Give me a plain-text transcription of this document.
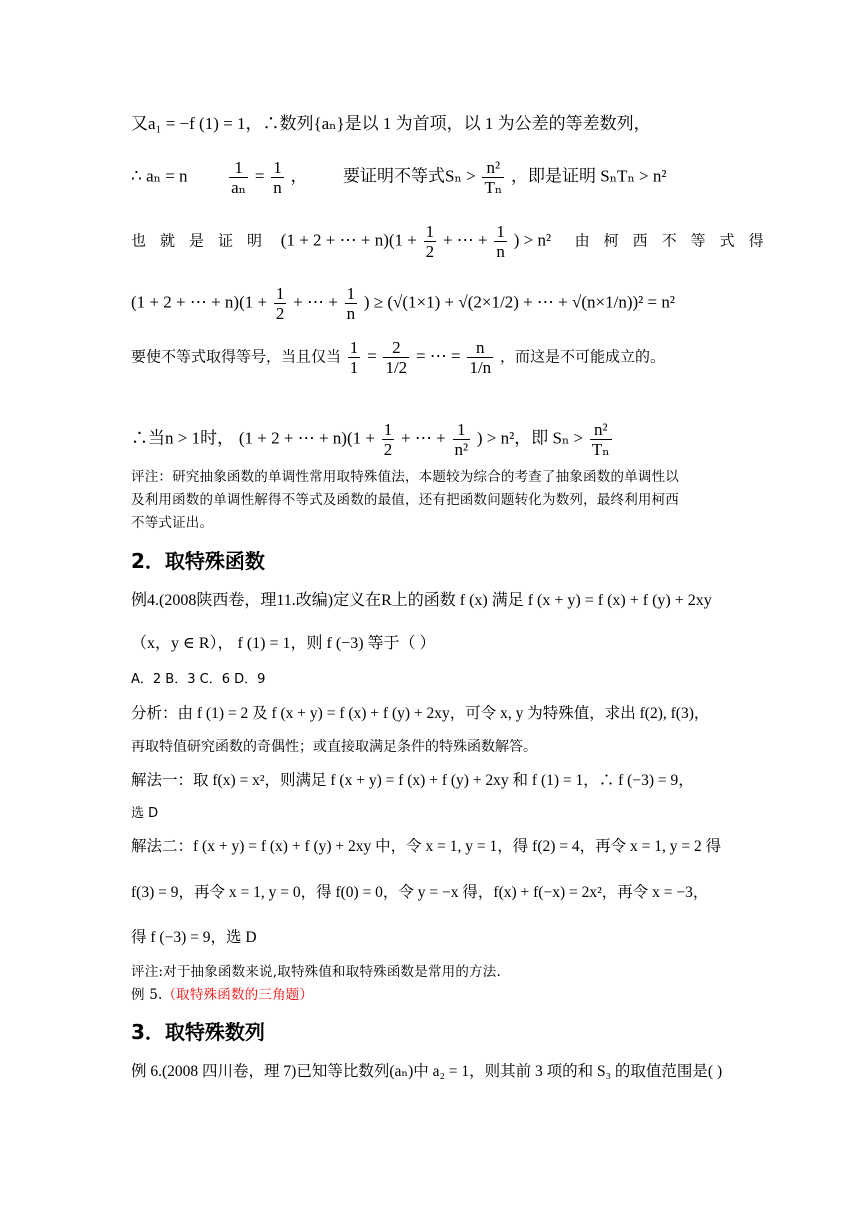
又a₁ = −f (1) = 1，∴数列{aₙ}是以 1 为首项，以 1 为公差的等差数列，
∴ aₙ = n $\frac{1}{\text{aₙ}} = \frac{1}{n}$ ， 要证明不等式$S_n > \frac{\text{n²}}{\text{Tₙ}}$ ，即是证明 SₙTₙ > n²
也就是证明 (1 + 2 + ⋯ + $n)(1 + \frac{1}{2}$ + ⋯ + $\frac{1}{n}$ ) > n² 由柯西不等式得
(1 + 2 + ⋯ + $n)(1 + \frac{1}{2}$ + ⋯ + $\frac{1}{n}$ ) ≥ (√(1×1) + √(2×1/2) + ⋯ + √(n×1/n))² = n²
要使不等式取得等号，当且仅当 $\frac{1}{1} = \frac{2}{1/2}$ = ⋯ = $\frac{n}{1/n}$ ，而这是不可能成立的。
∴当n > 1时， (1 + 2 + ⋯ + $n)(1 + \frac{1}{2}$ + ⋯ + $\frac{1}{\text{n²}}$ ) > n²，即 $S_n > \frac{\text{n²}}{\text{Tₙ}}$
评注：研究抽象函数的单调性常用取特殊值法，本题较为综合的考查了抽象函数的单调性以
及利用函数的单调性解得不等式及函数的最值，还有把函数问题转化为数列，最终利用柯西
不等式证出。
2．取特殊函数
例4.(2008陕西卷，理11.改编)定义在R上的函数 f (x) 满足 f (x + y) = f (x) + f (y) + 2xy
（x，y ∈ R）， f (1) = 1，则 f (−3) 等于（ ）
A．2 B．3 C．6 D．9
分析：由 f (1) = 2 及 f (x + y) = f (x) + f (y) + 2xy，可令 x, y 为特殊值，求出 f(2), f(3)，
再取特值研究函数的奇偶性；或直接取满足条件的特殊函数解答。
解法一：取 f(x) = x²，则满足 f (x + y) = f (x) + f (y) + 2xy 和 f (1) = 1，∴ f (−3) = 9，
选 D
解法二：f (x + y) = f (x) + f (y) + 2xy 中，令 x = 1, y = 1，得 f(2) = 4，再令 x = 1, y = 2 得
f(3) = 9，再令 x = 1, y = 0，得 f(0) = 0，令 y = −x 得，f(x) + f(−x) = 2x²，再令 x = −3，
得 f (−3) = 9，选 D
评注:对于抽象函数来说,取特殊值和取特殊函数是常用的方法.
例 5.（取特殊函数的三角题）
3．取特殊数列
例 6.(2008 四川卷，理 7)已知等比数列(aₙ)中 a₂ = 1，则其前 3 项的和 S₃ 的取值范围是( )
